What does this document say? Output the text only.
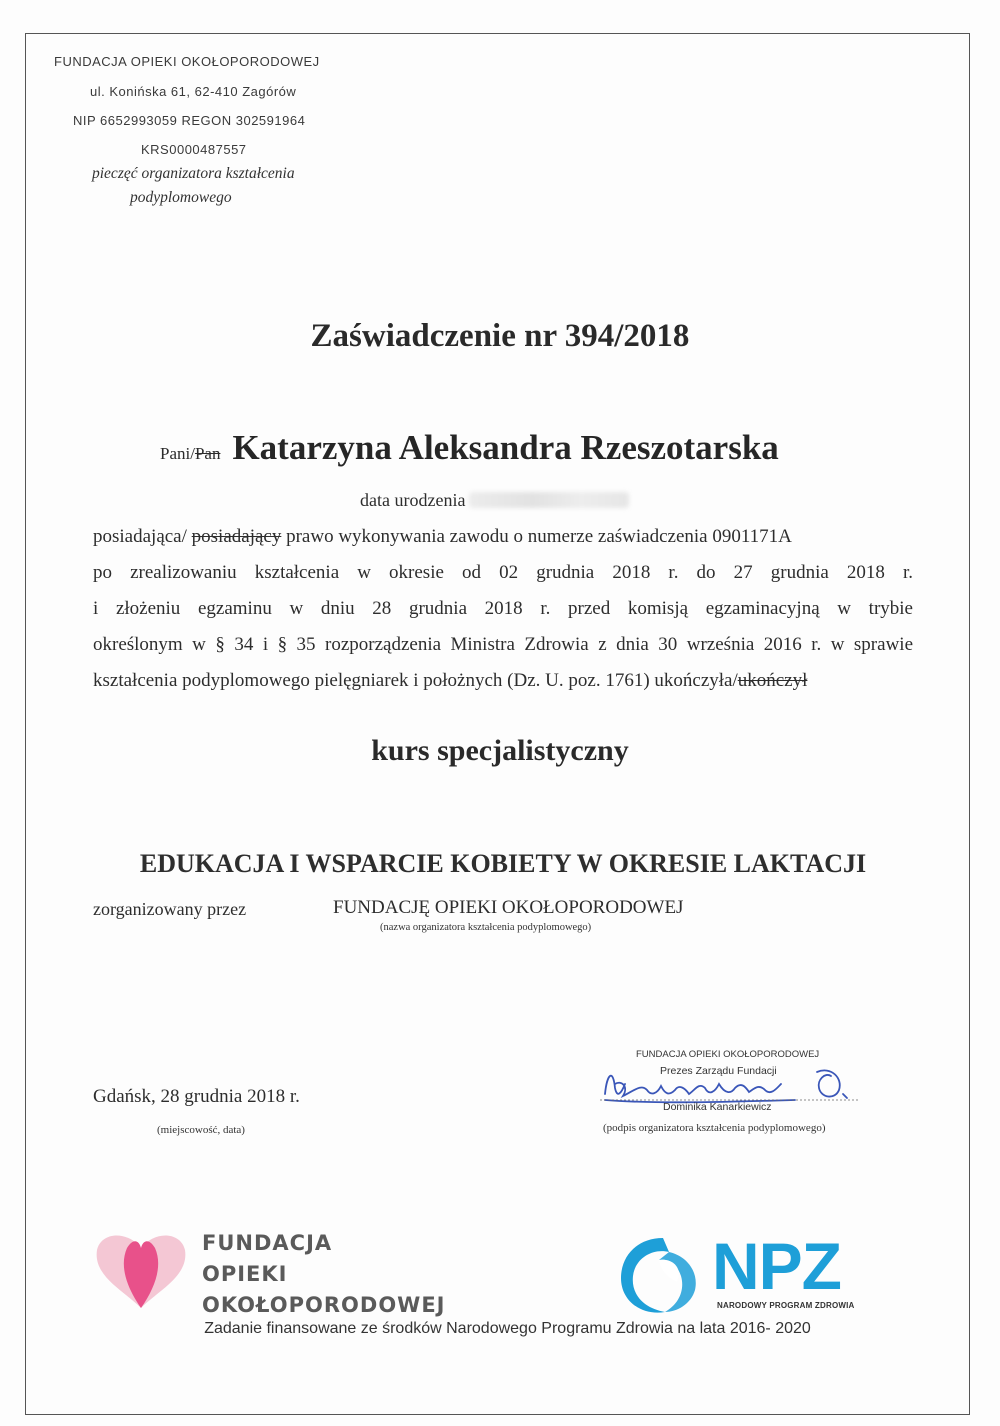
FUNDACJA OPIEKI OKOŁOPORODOWEJ
ul. Konińska 61, 62-410 Zagórów
NIP 6652993059 REGON 302591964
KRS0000487557
pieczęć organizatora kształcenia
podyplomowego
Zaświadczenie nr 394/2018
Pani/Pan Katarzyna Aleksandra Rzeszotarska
data urodzenia
posiadająca/ posiadający prawo wykonywania zawodu o numerze zaświadczenia 0901171A
po zrealizowaniu kształcenia w okresie od 02 grudnia 2018 r. do 27 grudnia 2018 r.
i złożeniu egzaminu w dniu 28 grudnia 2018 r. przed komisją egzaminacyjną w trybie
określonym w § 34 i § 35 rozporządzenia Ministra Zdrowia z dnia 30 września 2016 r. w sprawie
kształcenia podyplomowego pielęgniarek i położnych (Dz. U. poz. 1761) ukończyła/ukończył
kurs specjalistyczny
EDUKACJA I WSPARCIE KOBIETY W OKRESIE LAKTACJI
zorganizowany przez	FUNDACJĘ OPIEKI OKOŁOPORODOWEJ
(nazwa organizatora kształcenia podyplomowego)
Gdańsk, 28 grudnia 2018 r.
(miejscowość, data)
FUNDACJA OPIEKI OKOŁOPORODOWEJ
Prezes Zarządu Fundacji
Dominika Kanarkiewicz
(podpis organizatora kształcenia podyplomowego)
FUNDACJA
OPIEKI
OKOŁOPORODOWEJ
NPZ
NARODOWY PROGRAM ZDROWIA
Zadanie finansowane ze środków Narodowego Programu Zdrowia na lata 2016- 2020
